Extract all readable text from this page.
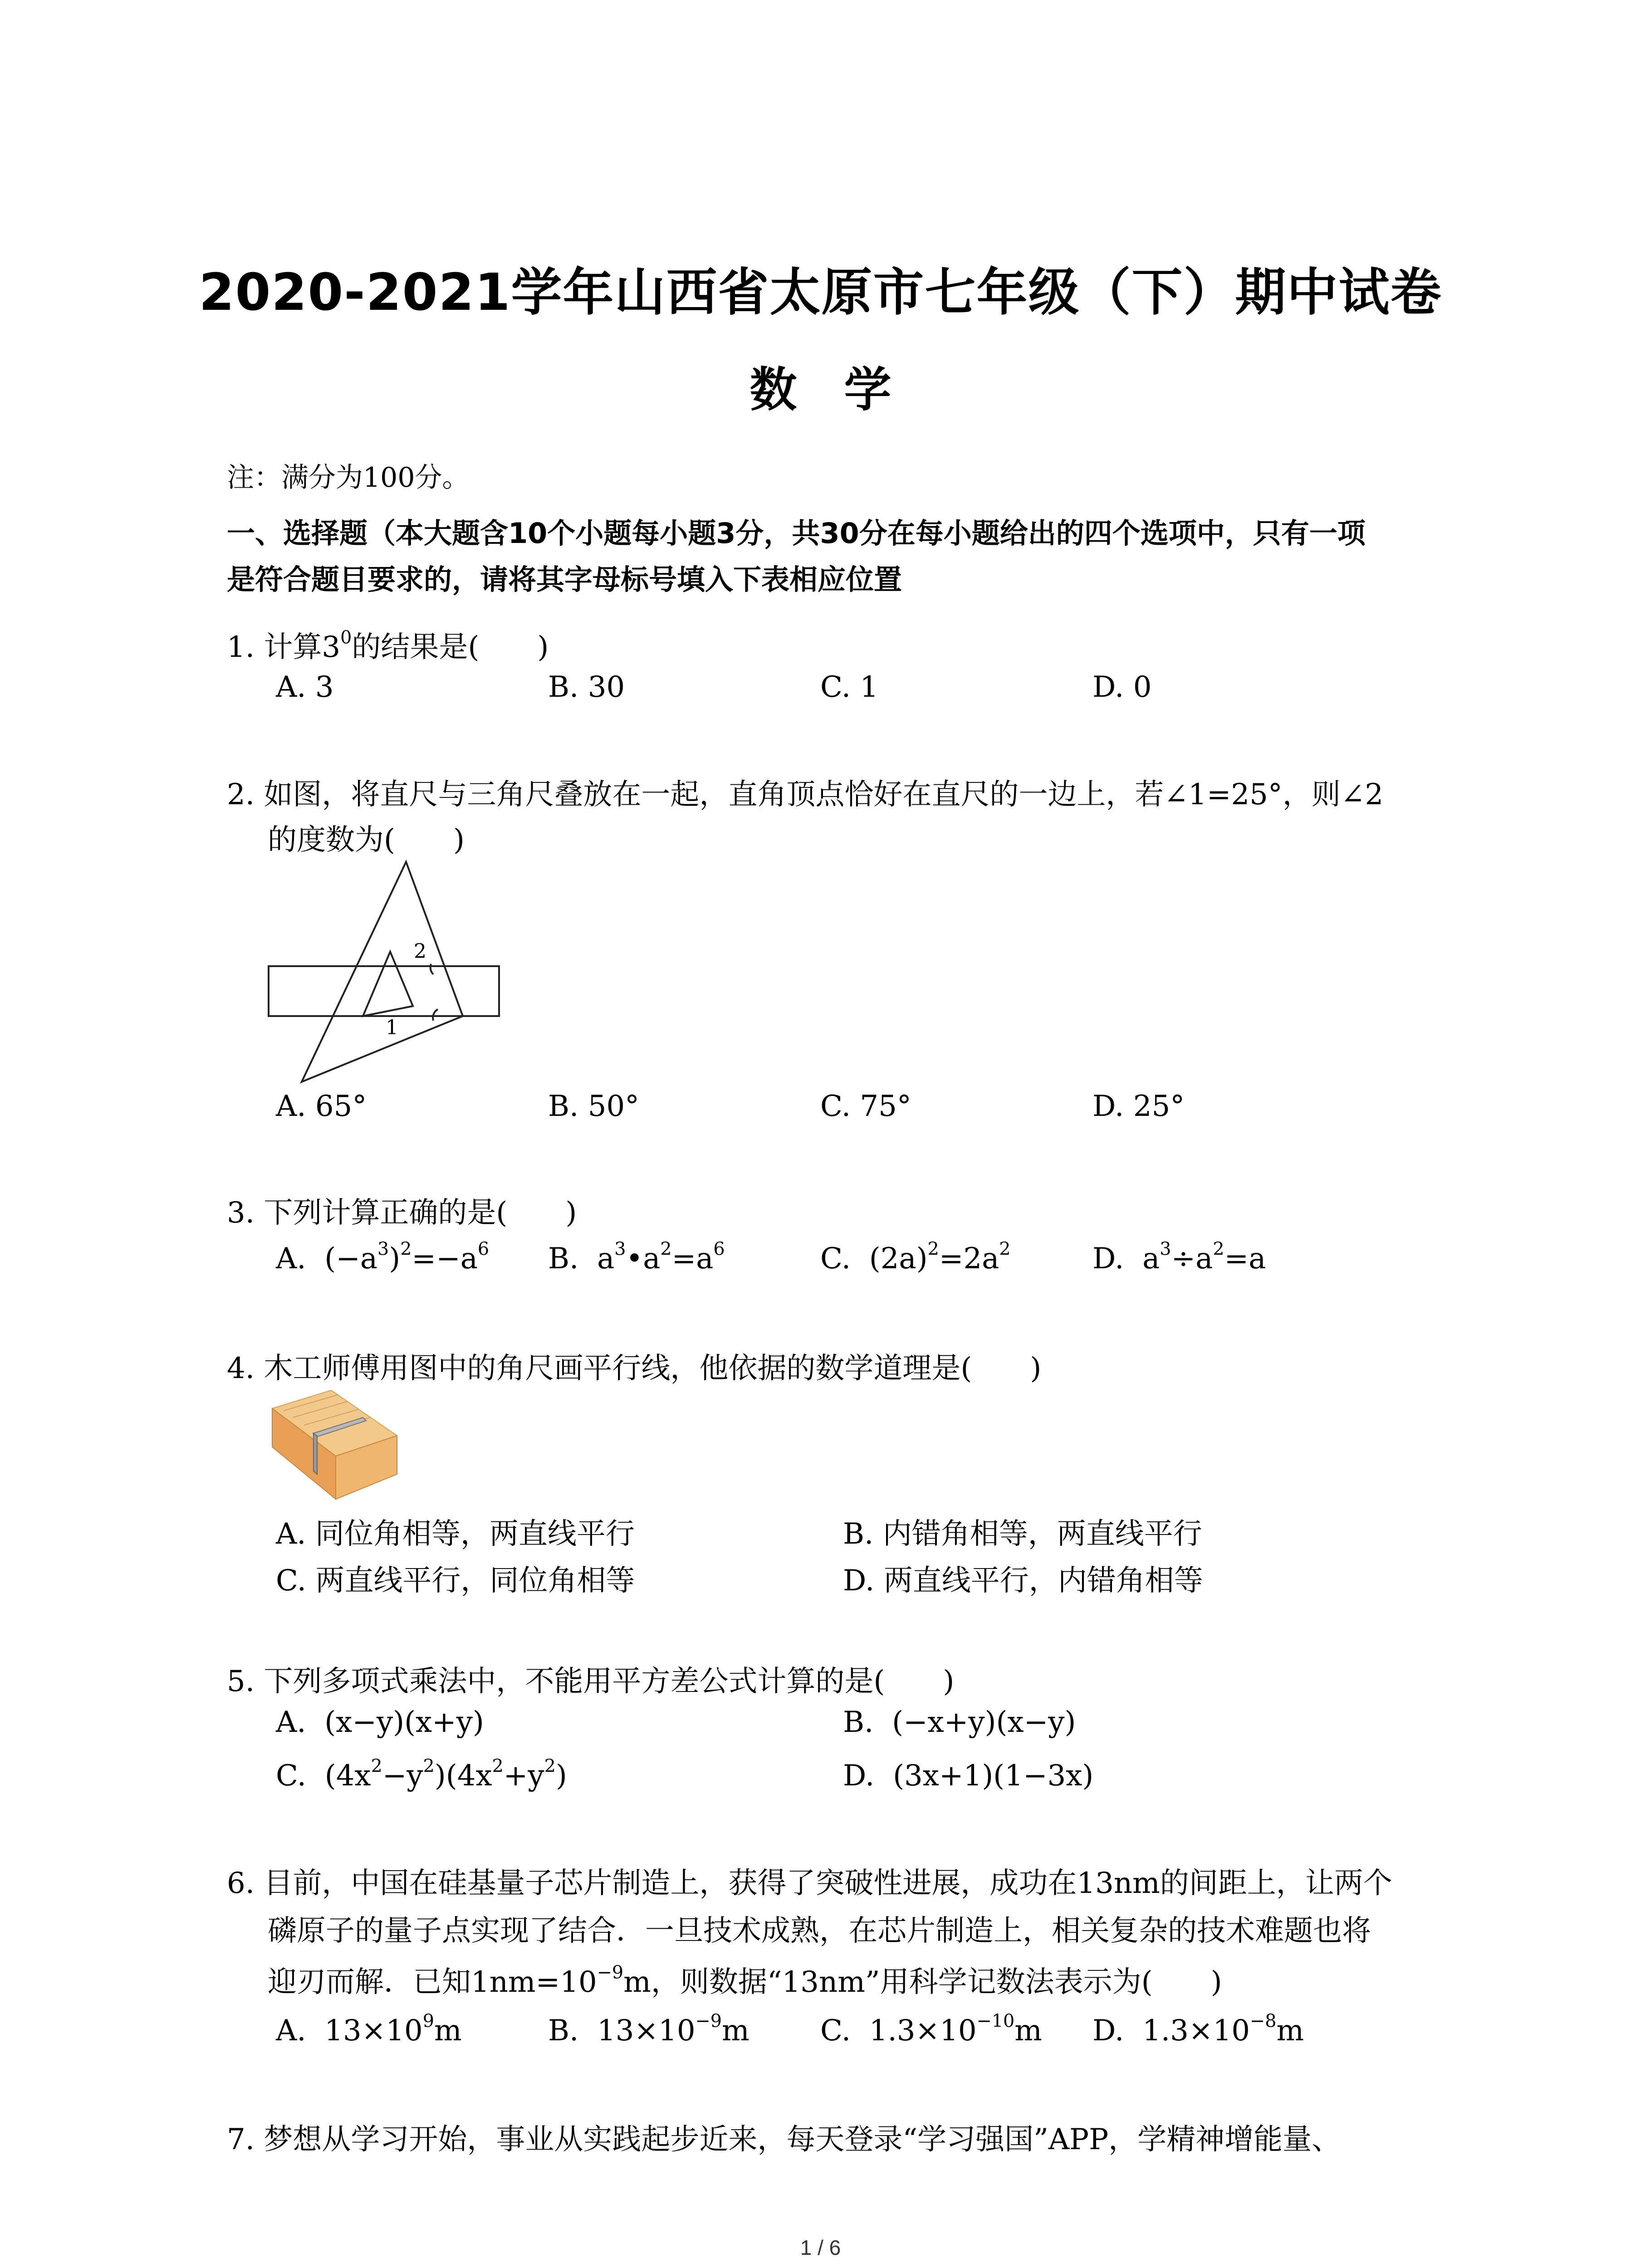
2020-2021学年山西省太原市七年级（下）期中试卷
数　学
注：满分为100分。
一、选择题（本大题含10个小题每小题3分，共30分在每小题给出的四个选项中，只有一项
是符合题目要求的，请将其字母标号填入下表相应位置
1. 计算$3^0$的结果是(　　)
A. 3	B. 30	C. 1	D. 0
2. 如图，将直尺与三角尺叠放在一起，直角顶点恰好在直尺的一边上，若∠1=25°，则∠2
的度数为(　　)
2
1
A. 65°	B. 50°	C. 75°	D. 25°
3. 下列计算正确的是(　　)
A. $(-a^3)^2=-a^6$ B. $a^3•a^2=a^6$	C. $(2a)^2=2a^2$	D. $a^3\div a^2=a$
4. 木工师傅用图中的角尺画平行线，他依据的数学道理是(　　)
A. 同位角相等，两直线平行	B. 内错角相等，两直线平行
C. 两直线平行，同位角相等	D. 两直线平行，内错角相等
5. 下列多项式乘法中，不能用平方差公式计算的是(　　)
A. (x−y)(x+y)	B. (−x+y)(x−y)
C. $(4x^2-y^2)(4x^2+y^2)$	D. (3x+1)(1−3x)
6. 目前，中国在硅基量子芯片制造上，获得了突破性进展，成功在13nm的间距上，让两个
磷原子的量子点实现了结合．一旦技术成熟，在芯片制造上，相关复杂的技术难题也将
迎刃而解．已知$1nm=10^{-9}m$，则数据“13nm”用科学记数法表示为(　　)
A. $13\times 10^9m$	B. $13\times 10^{-9}m$ C. $1.3\times 10^{-10}m$ D. $1.3\times 10^{-8}m$
7. 梦想从学习开始，事业从实践起步近来，每天登录“学习强国”APP，学精神增能量、
1 / 6
